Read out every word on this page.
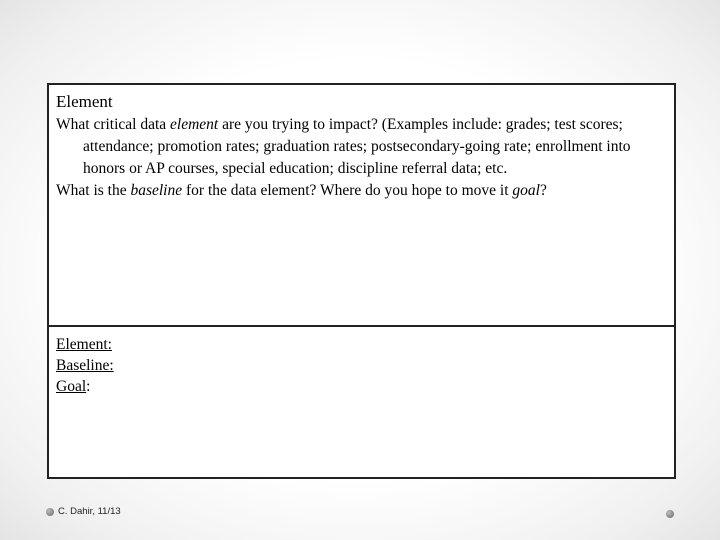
Element

What critical data element are you trying to impact? (Examples include: grades; test scores; attendance; promotion rates; graduation rates; postsecondary-going rate; enrollment into honors or AP courses, special education; discipline referral data; etc.

What is the baseline for the data element? Where do you hope to move it goal?

Element:
Baseline:
Goal:
C. Dahir, 11/13
